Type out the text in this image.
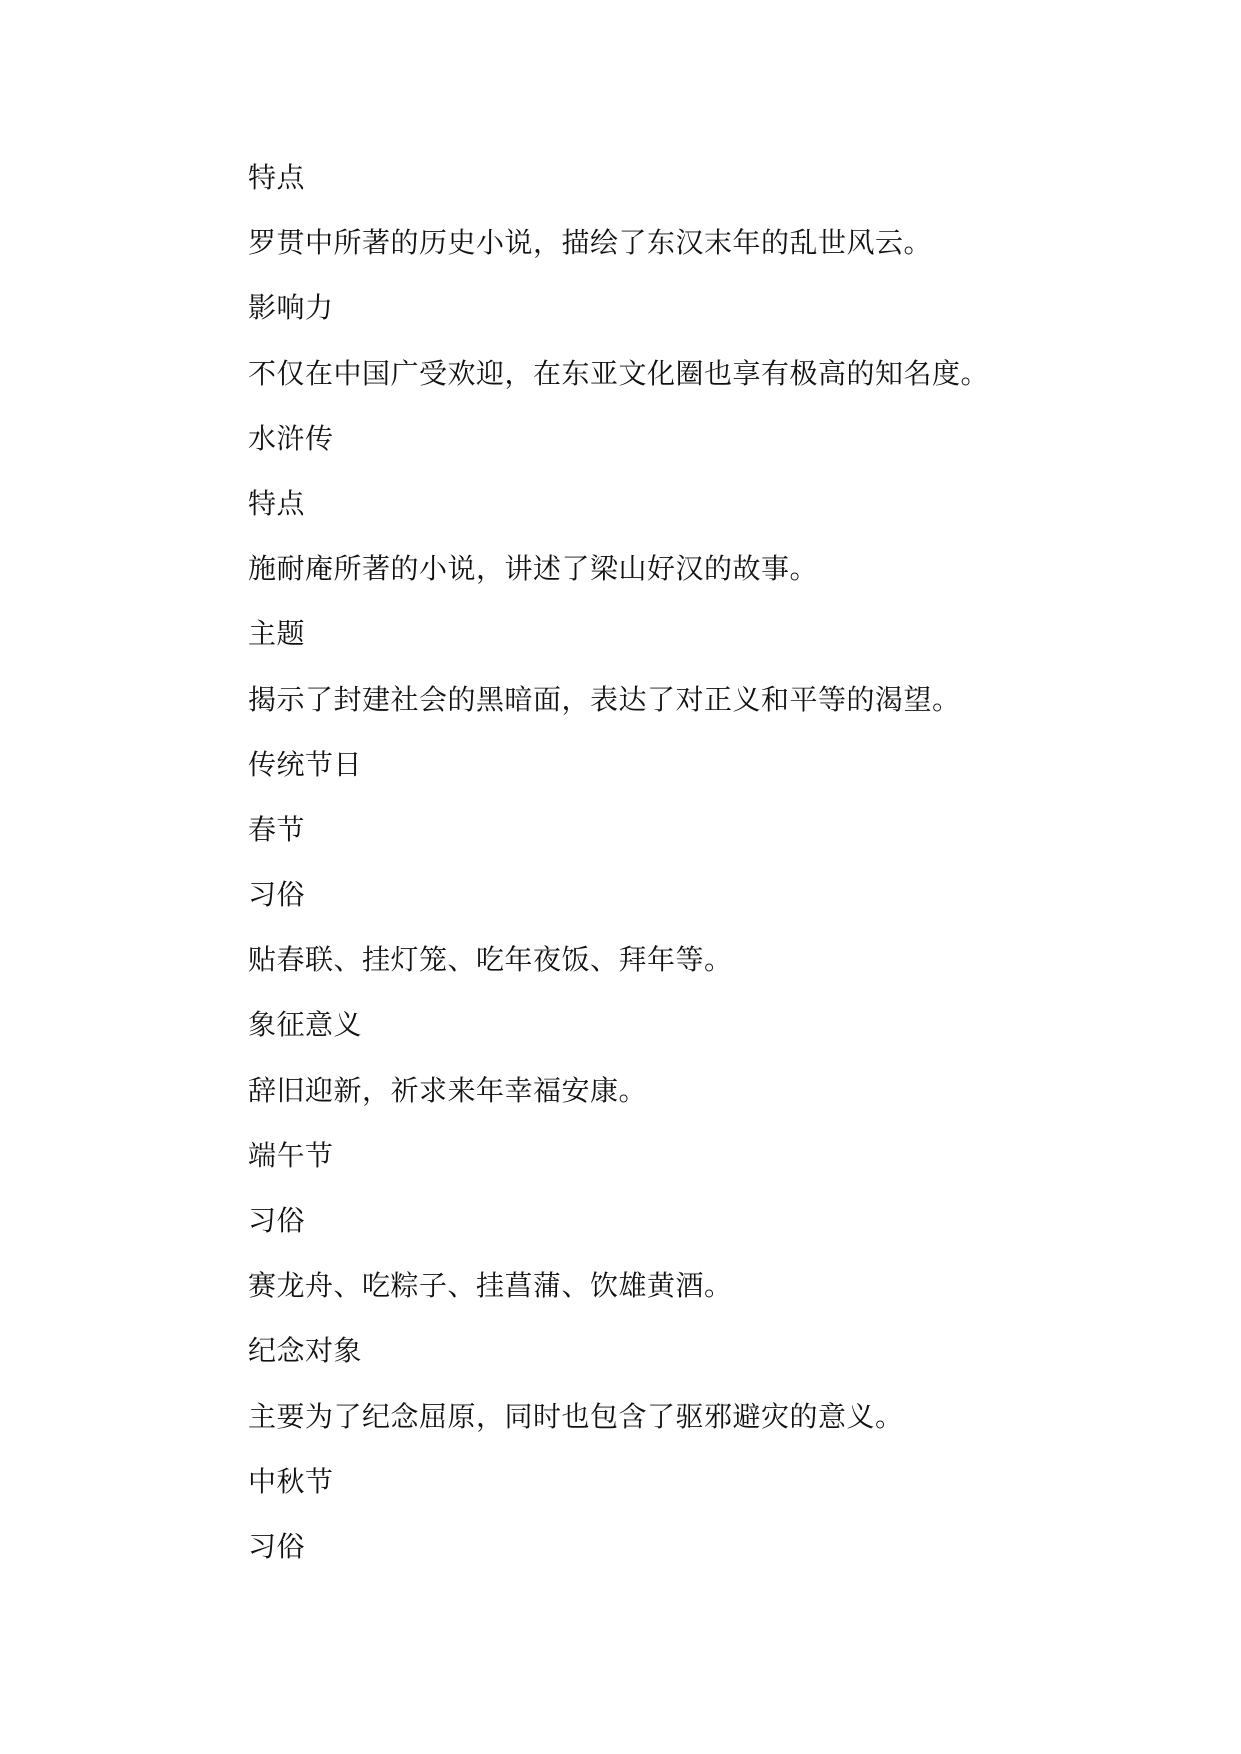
特点
罗贯中所著的历史小说，描绘了东汉末年的乱世风云。
影响力
不仅在中国广受欢迎，在东亚文化圈也享有极高的知名度。
水浒传
特点
施耐庵所著的小说，讲述了梁山好汉的故事。
主题
揭示了封建社会的黑暗面，表达了对正义和平等的渴望。
传统节日
春节
习俗
贴春联、挂灯笼、吃年夜饭、拜年等。
象征意义
辞旧迎新，祈求来年幸福安康。
端午节
习俗
赛龙舟、吃粽子、挂菖蒲、饮雄黄酒。
纪念对象
主要为了纪念屈原，同时也包含了驱邪避灾的意义。
中秋节
习俗
